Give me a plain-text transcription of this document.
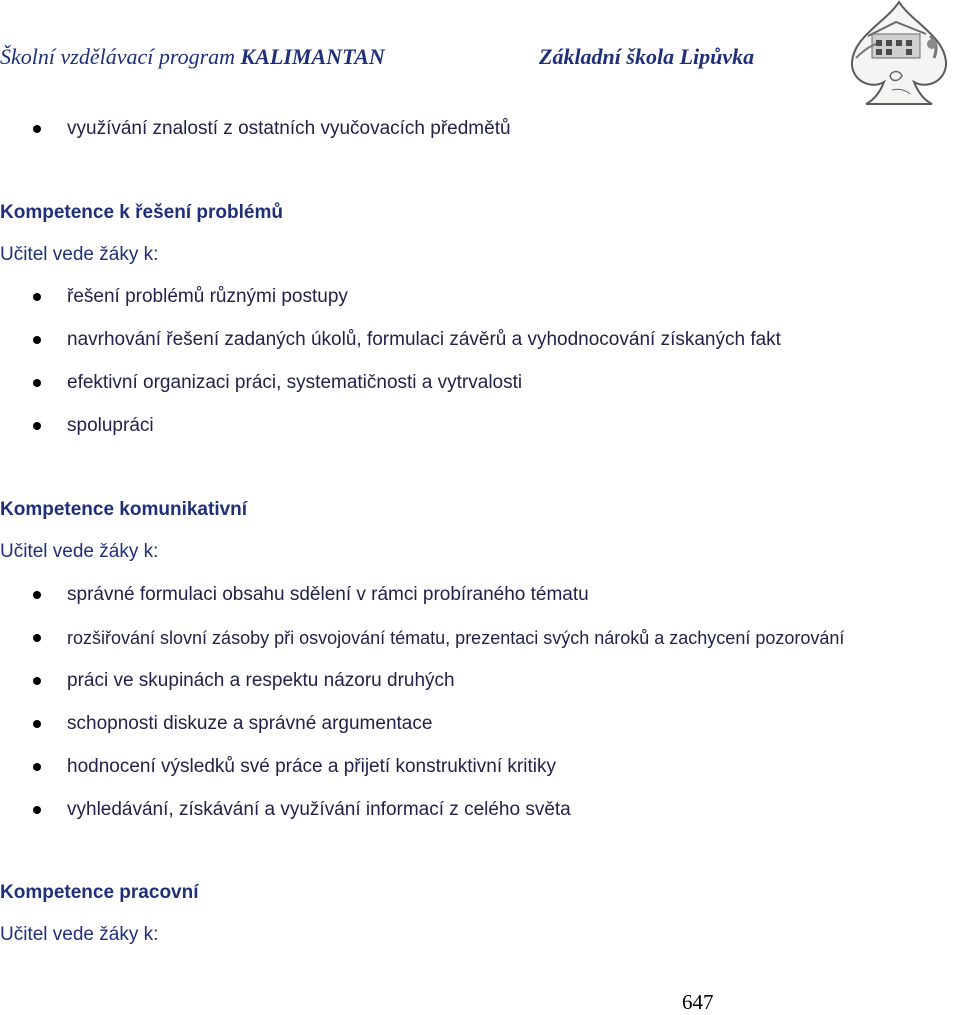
Školní vzdělávací program KALIMANTAN	Základní škola Lipůvka
využívání znalostí z ostatních vyučovacích předmětů
Kompetence k řešení problémů
Učitel vede žáky k:
řešení problémů různými postupy
navrhování řešení zadaných úkolů, formulaci závěrů a vyhodnocování získaných fakt
efektivní organizaci práci, systematičnosti a vytrvalosti
spolupráci
Kompetence komunikativní
Učitel vede žáky k:
správné formulaci obsahu sdělení v rámci probíraného tématu
rozšiřování slovní zásoby při osvojování tématu, prezentaci svých nároků a zachycení pozorování
práci ve skupinách a respektu názoru druhých
schopnosti diskuze a správné argumentace
hodnocení výsledků své práce a přijetí konstruktivní kritiky
vyhledávání, získávání a využívání informací z celého světa
Kompetence pracovní
Učitel vede žáky k:
647
